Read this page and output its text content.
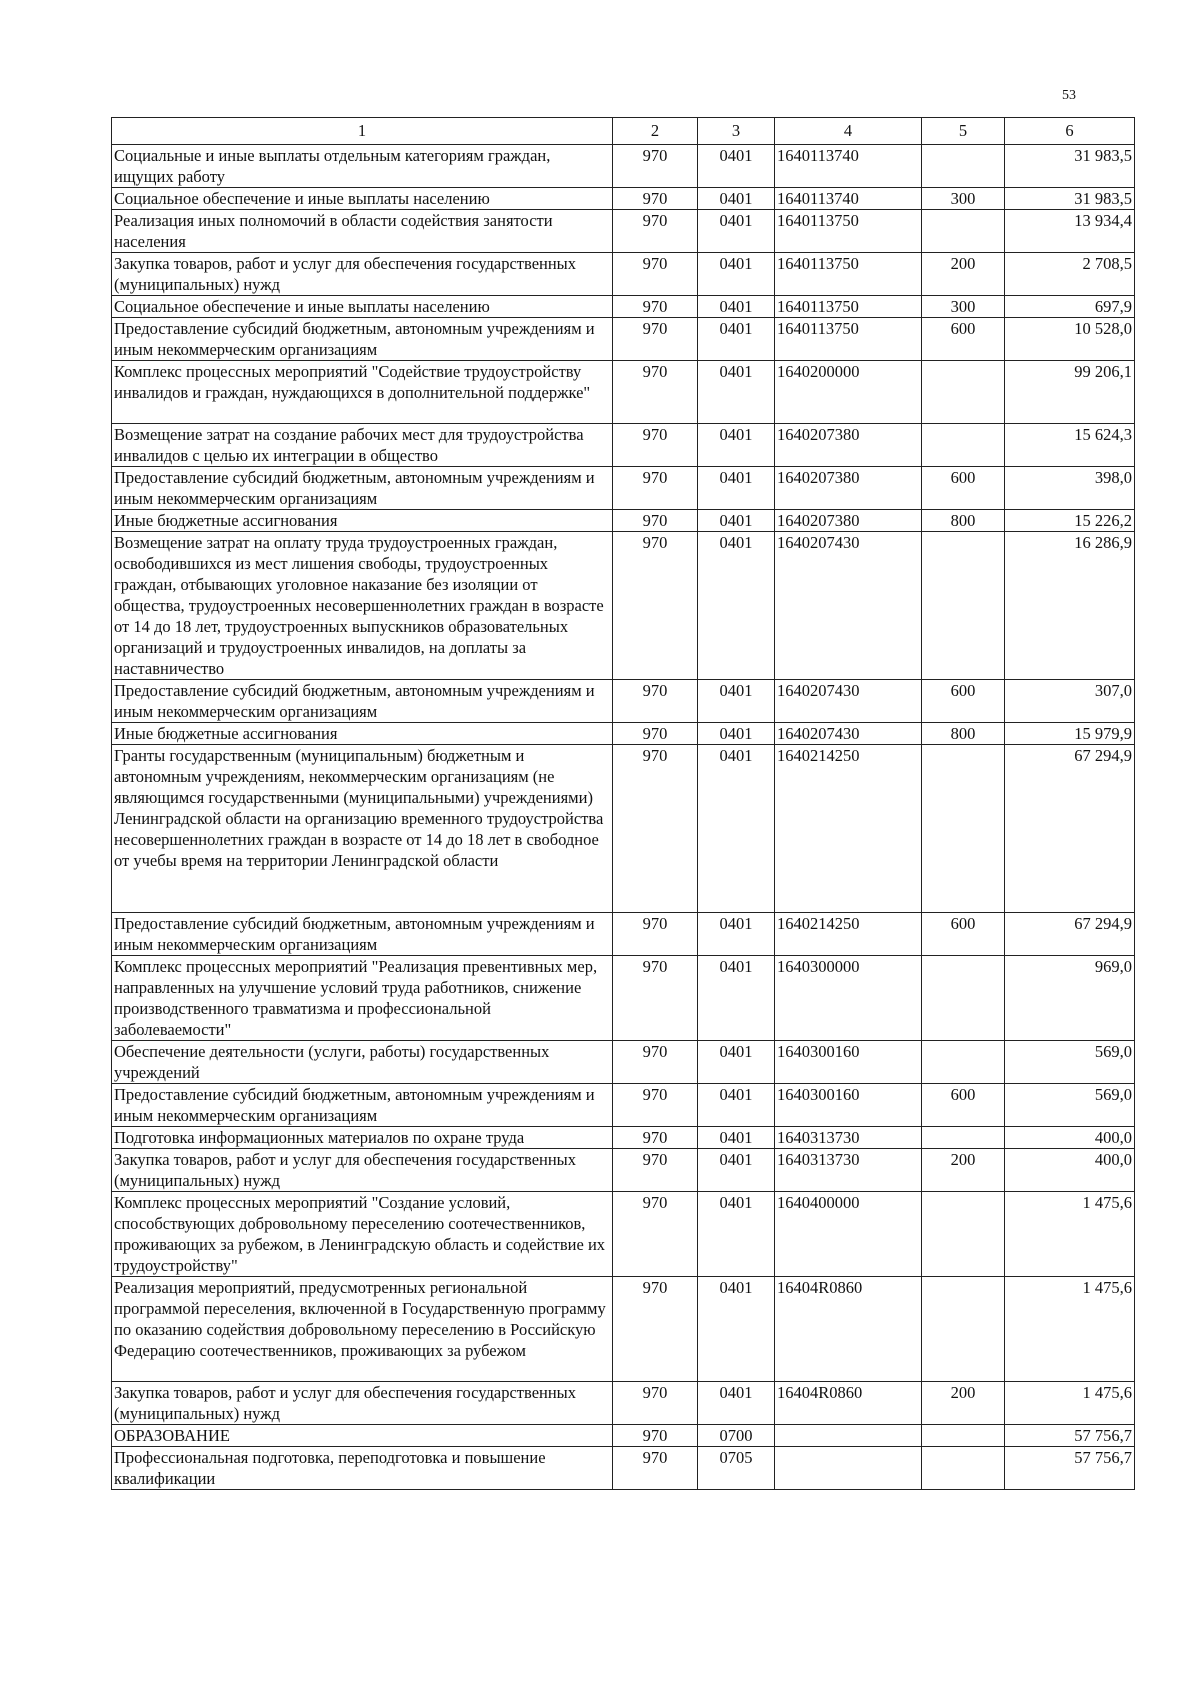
53
1	2	3	4	5	6
Социальные и иные выплаты отдельным категориям граждан, ищущих работу	970	0401	1640113740		31 983,5
Социальное обеспечение и иные выплаты населению	970	0401	1640113740	300	31 983,5
Реализация иных полномочий в области содействия занятости населения	970	0401	1640113750		13 934,4
Закупка товаров, работ и услуг для обеспечения государственных (муниципальных) нужд	970	0401	1640113750	200	2 708,5
Социальное обеспечение и иные выплаты населению	970	0401	1640113750	300	697,9
Предоставление субсидий бюджетным, автономным учреждениям и иным некоммерческим организациям	970	0401	1640113750	600	10 528,0
Комплекс процессных мероприятий "Содействие трудоустройству инвалидов и граждан, нуждающихся в дополнительной поддержке"	970	0401	1640200000		99 206,1
Возмещение затрат на создание рабочих мест для трудоустройства инвалидов с целью их интеграции в общество	970	0401	1640207380		15 624,3
Предоставление субсидий бюджетным, автономным учреждениям и иным некоммерческим организациям	970	0401	1640207380	600	398,0
Иные бюджетные ассигнования	970	0401	1640207380	800	15 226,2
Возмещение затрат на оплату труда трудоустроенных граждан, освободившихся из мест лишения свободы, трудоустроенных граждан, отбывающих уголовное наказание без изоляции от общества, трудоустроенных несовершеннолетних граждан в возрасте от 14 до 18 лет, трудоустроенных выпускников образовательных организаций и трудоустроенных инвалидов, на доплаты за наставничество	970	0401	1640207430		16 286,9
Предоставление субсидий бюджетным, автономным учреждениям и иным некоммерческим организациям	970	0401	1640207430	600	307,0
Иные бюджетные ассигнования	970	0401	1640207430	800	15 979,9
Гранты государственным (муниципальным) бюджетным и автономным учреждениям, некоммерческим организациям (не являющимся государственными (муниципальными) учреждениями) Ленинградской области на организацию временного трудоустройства несовершеннолетних граждан в возрасте от 14 до 18 лет в свободное от учебы время на территории Ленинградской области	970	0401	1640214250		67 294,9
Предоставление субсидий бюджетным, автономным учреждениям и иным некоммерческим организациям	970	0401	1640214250	600	67 294,9
Комплекс процессных мероприятий "Реализация превентивных мер, направленных на улучшение условий труда работников, снижение производственного травматизма и профессиональной заболеваемости"	970	0401	1640300000		969,0
Обеспечение деятельности (услуги, работы) государственных учреждений	970	0401	1640300160		569,0
Предоставление субсидий бюджетным, автономным учреждениям и иным некоммерческим организациям	970	0401	1640300160	600	569,0
Подготовка информационных материалов по охране труда	970	0401	1640313730		400,0
Закупка товаров, работ и услуг для обеспечения государственных (муниципальных) нужд	970	0401	1640313730	200	400,0
Комплекс процессных мероприятий "Создание условий, способствующих добровольному переселению соотечественников, проживающих за рубежом, в Ленинградскую область и содействие их трудоустройству"	970	0401	1640400000		1 475,6
Реализация мероприятий, предусмотренных региональной программой переселения, включенной в Государственную программу по оказанию содействия добровольному переселению в Российскую Федерацию соотечественников, проживающих за рубежом	970	0401	16404R0860		1 475,6
Закупка товаров, работ и услуг для обеспечения государственных (муниципальных) нужд	970	0401	16404R0860	200	1 475,6
ОБРАЗОВАНИЕ	970	0700			57 756,7
Профессиональная подготовка, переподготовка и повышение квалификации	970	0705			57 756,7
